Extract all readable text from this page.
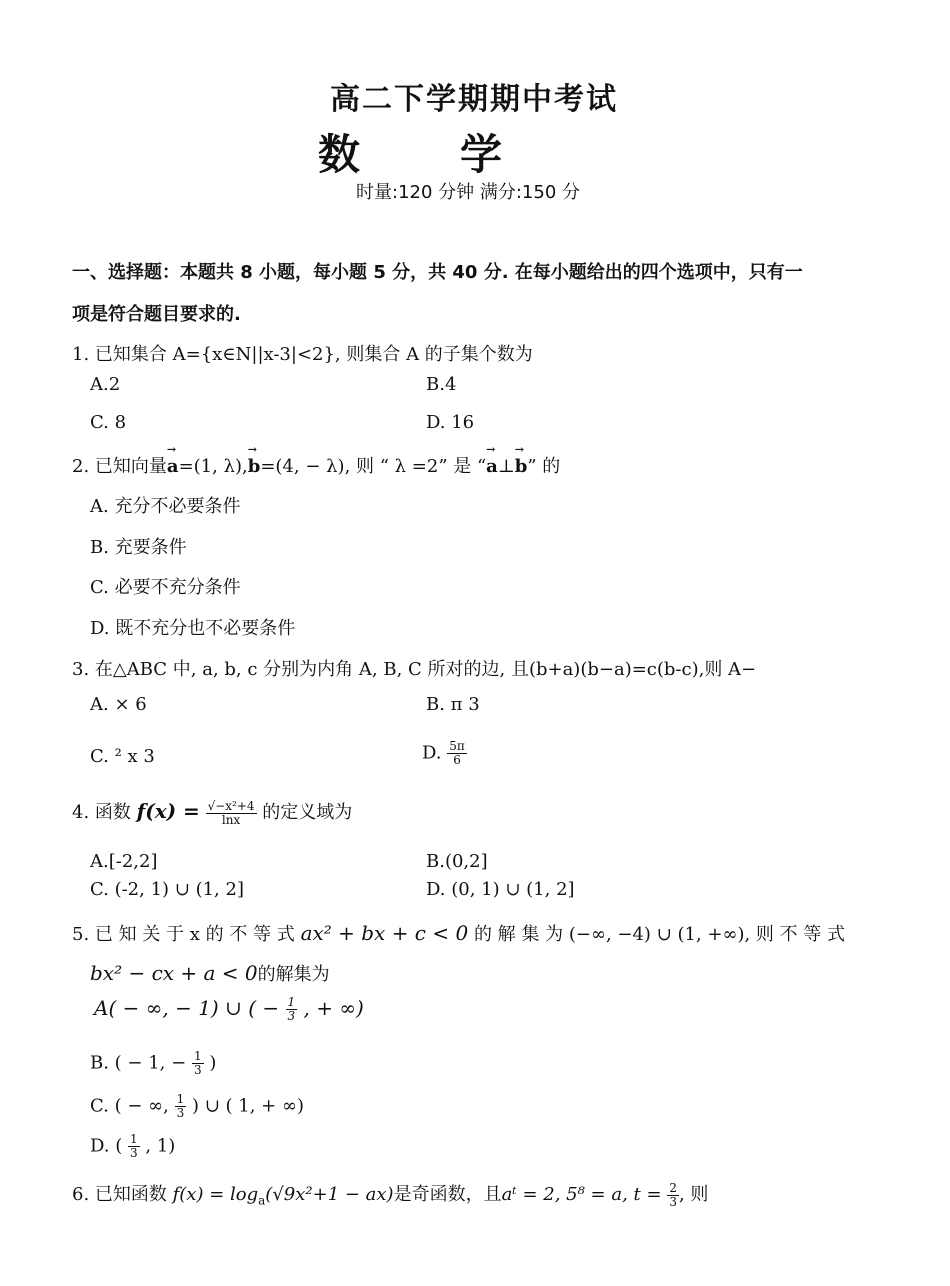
高二下学期期中考试
数 学
时量:120 分钟 满分:150 分
一、选择题：本题共 8 小题，每小题 5 分，共 40 分. 在每小题给出的四个选项中，只有一
项是符合题目要求的.
1. 已知集合 A={x∈N||x-3|<2}, 则集合 A 的子集个数为
A.2	B.4
C. 8	D. 16
2. 已知向量→ a=(1, λ),→ b=(4, − λ), 则 “ λ =2” 是 “→ a⊥→ b” 的
A. 充分不必要条件
B. 充要条件
C. 必要不充分条件
D. 既不充分也不必要条件
3. 在△ABC 中, a, b, c 分别为内角 A, B, C 所对的边, 且(b+a)(b−a)=c(b-c),则 A−
A. × 6	B. π 3
C. ² x 3	D. $\frac{5\pi}{6}$
4. 函数 $f(x) = \frac{\text{√−x²+4}}{\ln x}$ 的定义域为
A.[-2,2]	B.(0,2]
C. (-2, 1) ∪ (1, 2]	D. (0, 1) ∪ (1, 2]
5. 已 知 关 于 x 的 不 等 式 ax² + bx + c < 0 的 解 集 为 (−∞, −4) ∪ (1, +∞), 则 不 等 式
bx² − cx + a < 0的解集为
A( − ∞, − 1) ∪ ( − $\frac{1}{3}$ , + ∞)
B. ( − 1, − $\frac{1}{3}$ )
C. ( − ∞, $\frac{1}{3}$ ) ∪ ( 1, + ∞)
D. ( $\frac{1}{3}$ , 1)
6. 已知函数 $f(x) = \log_a(√9x^2+1 - ax)$是奇函数，且aᵗ = 2, 5⁸ = a, $t = \frac{2}{3}$ , 则
